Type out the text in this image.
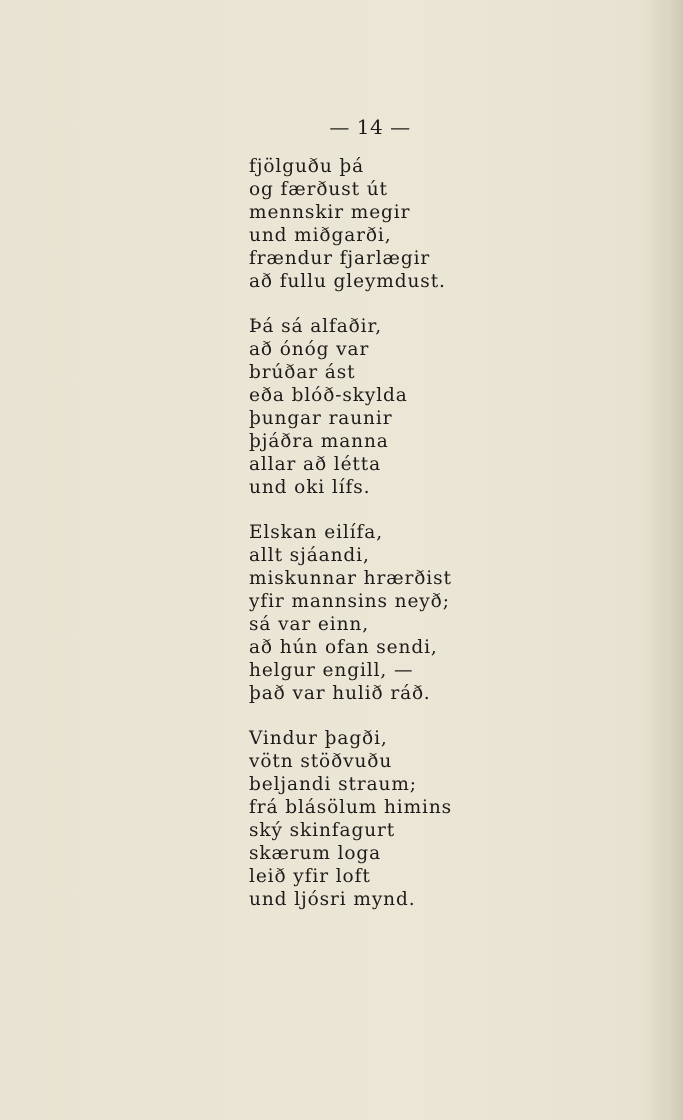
— 14 —
fjölguðu þá
og færðust út
mennskir megir
und miðgarði,
frændur fjarlægir
að fullu gleymdust.
Þá sá alfaðir,
að ónóg var
brúðar ást
eða blóð-skylda
þungar raunir
þjáðra manna
allar að létta
und oki lífs.
Elskan eilífa,
allt sjáandi,
miskunnar hrærðist
yfir mannsins neyð;
sá var einn,
að hún ofan sendi,
helgur engill, —
það var hulið ráð.
Vindur þagði,
vötn stöðvuðu
beljandi straum;
frá blásölum himins
ský skinfagurt
skærum loga
leið yfir loft
und ljósri mynd.
